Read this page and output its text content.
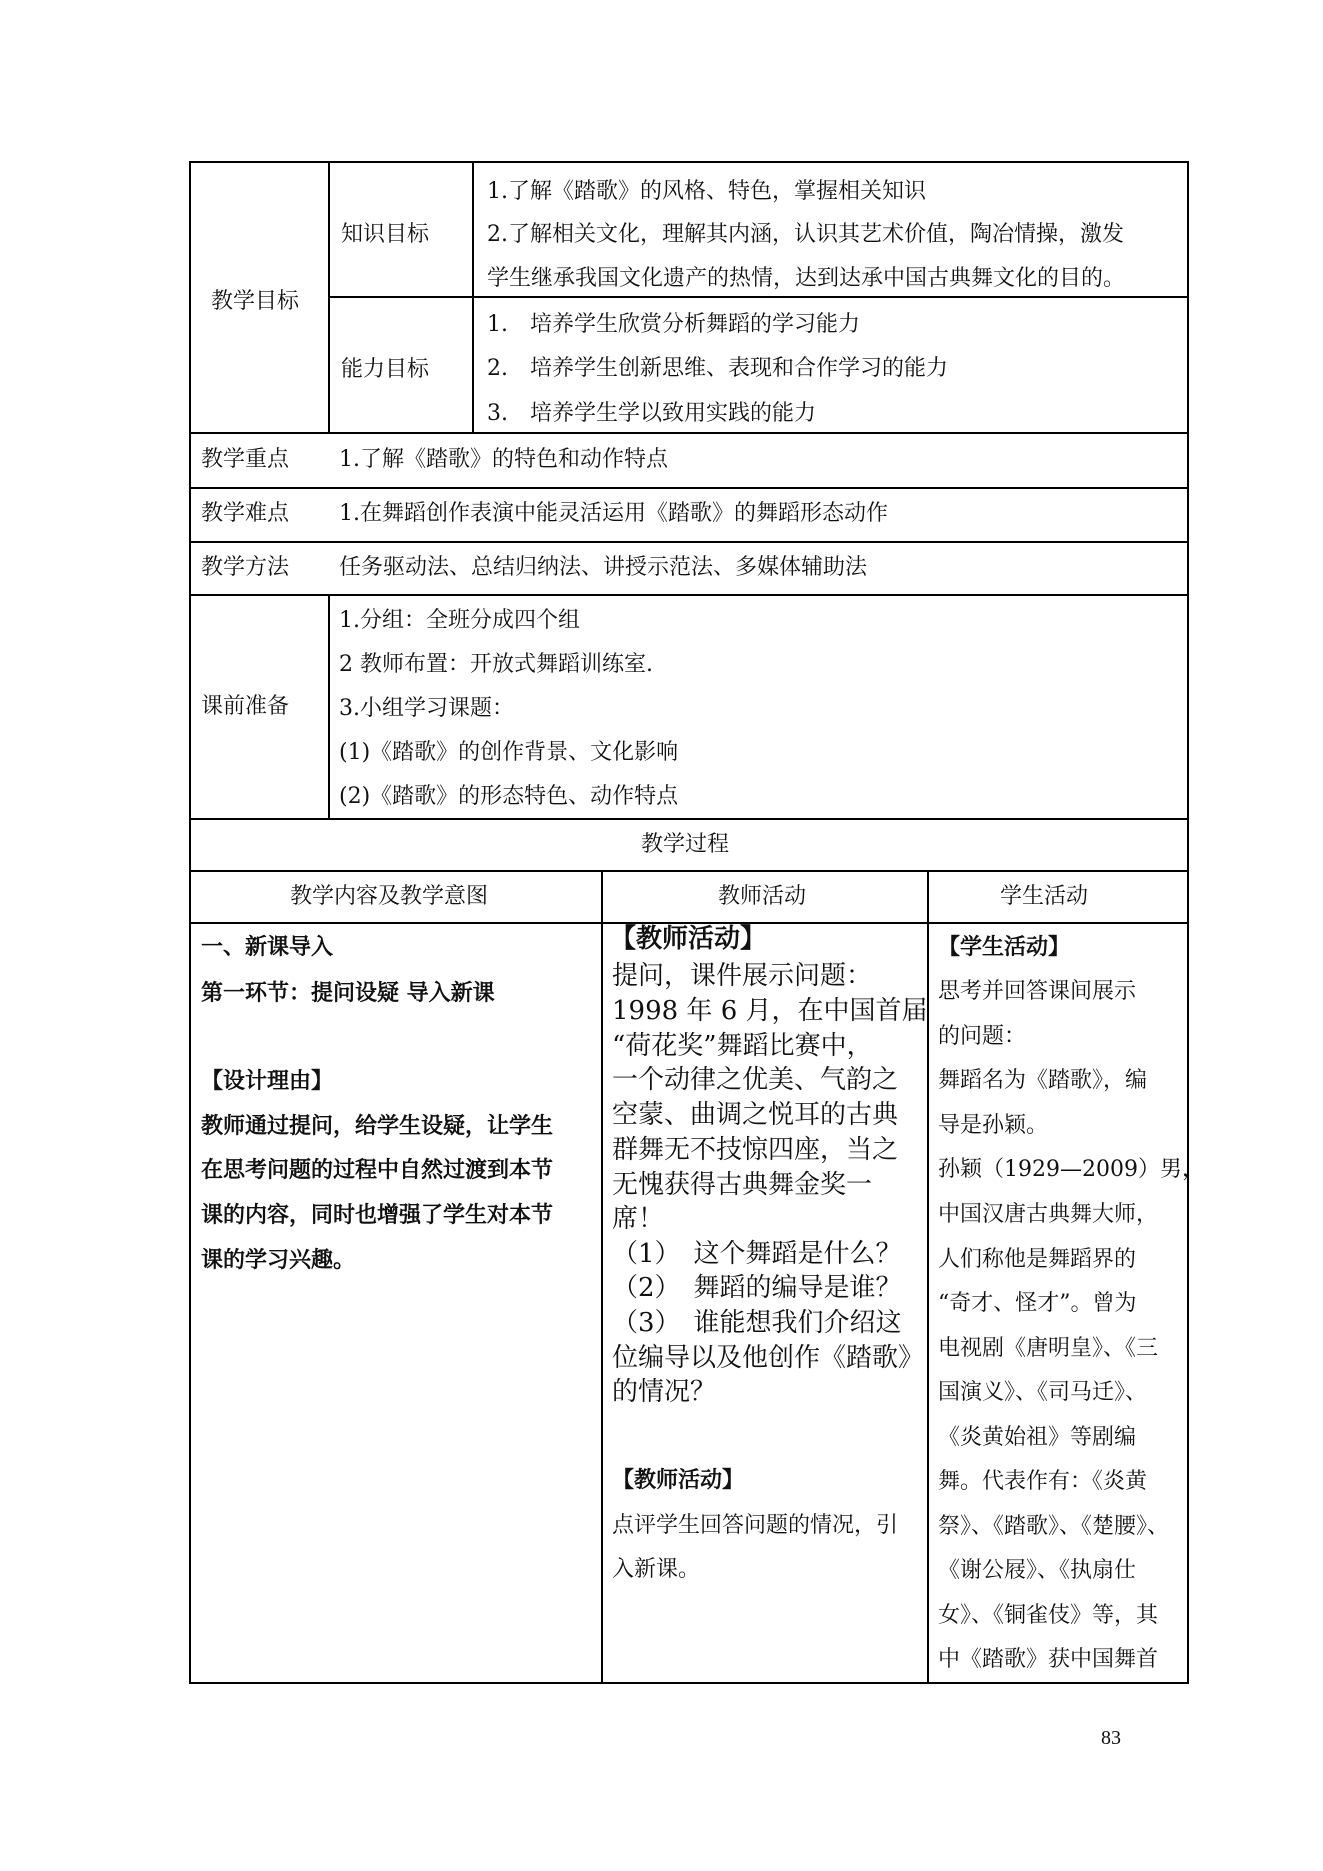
教学目标
知识目标
1.了解《踏歌》的风格、特色，掌握相关知识
2.了解相关文化，理解其内涵，认识其艺术价值，陶冶情操，激发
学生继承我国文化遗产的热情，达到达承中国古典舞文化的目的。
能力目标
1.　培养学生欣赏分析舞蹈的学习能力
2.　培养学生创新思维、表现和合作学习的能力
3.　培养学生学以致用实践的能力
教学重点 1.了解《踏歌》的特色和动作特点
教学难点 1.在舞蹈创作表演中能灵活运用《踏歌》的舞蹈形态动作
教学方法 任务驱动法、总结归纳法、讲授示范法、多媒体辅助法
课前准备
1.分组：全班分成四个组
2 教师布置：开放式舞蹈训练室.
3.小组学习课题：
(1)《踏歌》的创作背景、文化影响
(2)《踏歌》的形态特色、动作特点
教学过程
教学内容及教学意图	教师活动	学生活动
一、新课导入
第一环节：提问设疑 导入新课
【设计理由】
教师通过提问，给学生设疑，让学生
在思考问题的过程中自然过渡到本节
课的内容，同时也增强了学生对本节
课的学习兴趣。
【教师活动】
提问，课件展示问题：
1998 年 6 月，在中国首届
“荷花奖”舞蹈比赛中，
一个动律之优美、气韵之
空蒙、曲调之悦耳的古典
群舞无不技惊四座，当之
无愧获得古典舞金奖一
席！
（1）　这个舞蹈是什么？
（2）　舞蹈的编导是谁？
（3）　谁能想我们介绍这
位编导以及他创作《踏歌》
的情况？
【教师活动】
点评学生回答问题的情况，引
入新课。
【学生活动】
思考并回答课间展示
的问题：
舞蹈名为《踏歌》，编
导是孙颖。
孙颖（1929—2009）男，
中国汉唐古典舞大师，
人们称他是舞蹈界的
“奇才、怪才”。曾为
电视剧《唐明皇》、《三
国演义》、《司马迁》、
《炎黄始祖》等剧编
舞。代表作有：《炎黄
祭》、《踏歌》、《楚腰》、
《谢公屐》、《执扇仕
女》、《铜雀伎》等，其
中《踏歌》获中国舞首
83
